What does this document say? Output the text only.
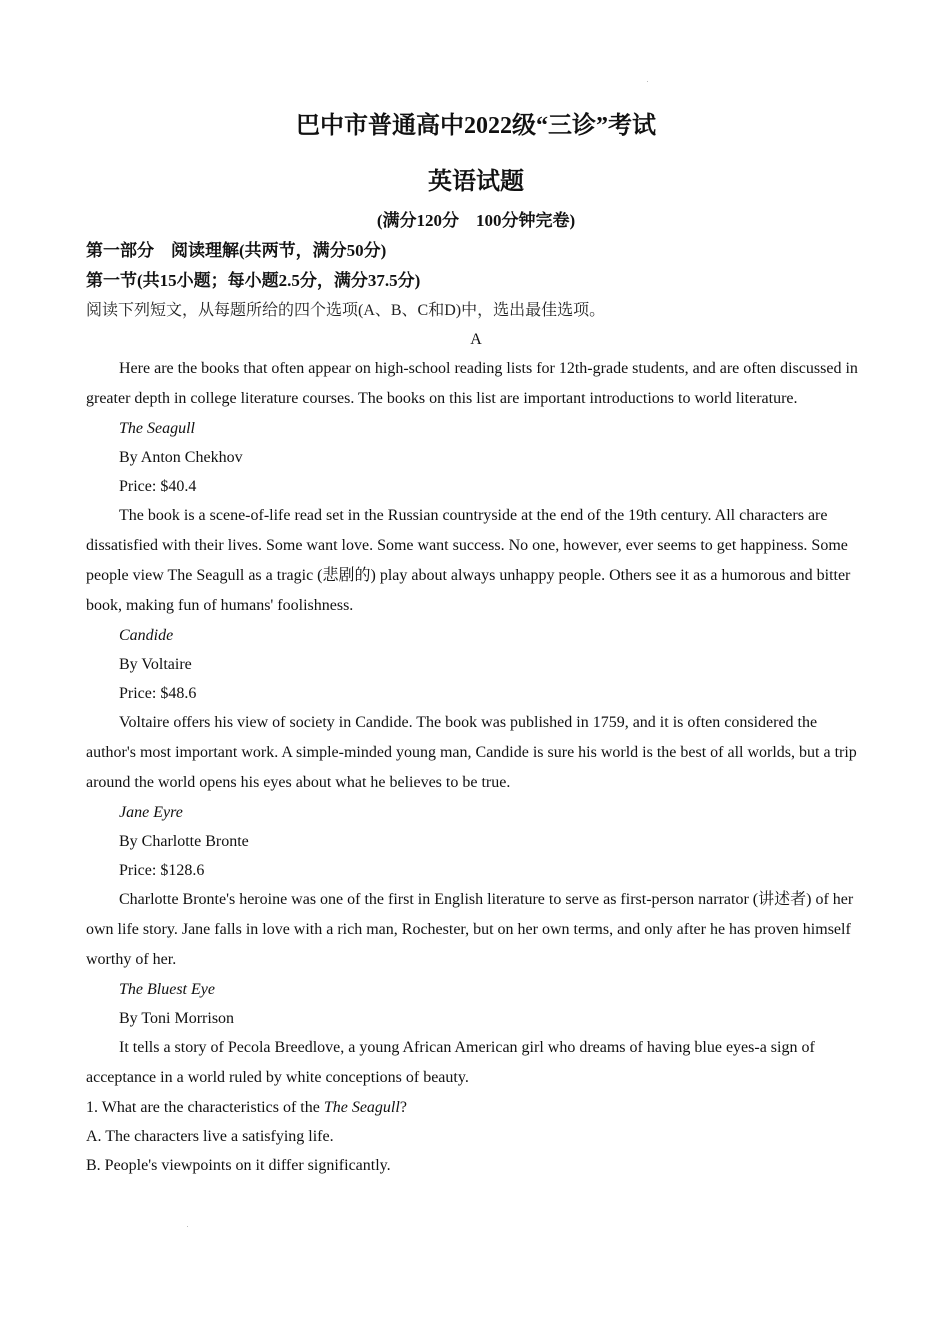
巴中市普通高中2022级“三诊”考试
英语试题
(满分120分　100分钟完卷)
第一部分　阅读理解(共两节，满分50分)
第一节(共15小题；每小题2.5分，满分37.5分)
阅读下列短文，从每题所给的四个选项(A、B、C和D)中，选出最佳选项。
A

Here are the books that often appear on high-school reading lists for 12th-grade students, and are often discussed in greater depth in college literature courses. The books on this list are important introductions to world literature.

The Seagull

By Anton Chekhov

Price: $40.4

The book is a scene-of-life read set in the Russian countryside at the end of the 19th century. All characters are dissatisfied with their lives. Some want love. Some want success. No one, however, ever seems to get happiness. Some people view The Seagull as a tragic (悲剧的) play about always unhappy people. Others see it as a humorous and bitter book, making fun of humans' foolishness.

Candide

By Voltaire

Price: $48.6

Voltaire offers his view of society in Candide. The book was published in 1759, and it is often considered the author's most important work. A simple-minded young man, Candide is sure his world is the best of all worlds, but a trip around the world opens his eyes about what he believes to be true.

Jane Eyre

By Charlotte Bronte

Price: $128.6

Charlotte Bronte's heroine was one of the first in English literature to serve as first-person narrator (讲述者) of her own life story. Jane falls in love with a rich man, Rochester, but on her own terms, and only after he has proven himself worthy of her.

The Bluest Eye

By Toni Morrison

It tells a story of Pecola Breedlove, a young African American girl who dreams of having blue eyes-a sign of acceptance in a world ruled by white conceptions of beauty.

1. What are the characteristics of the The Seagull?

A. The characters live a satisfying life.

B. People's viewpoints on it differ significantly.
